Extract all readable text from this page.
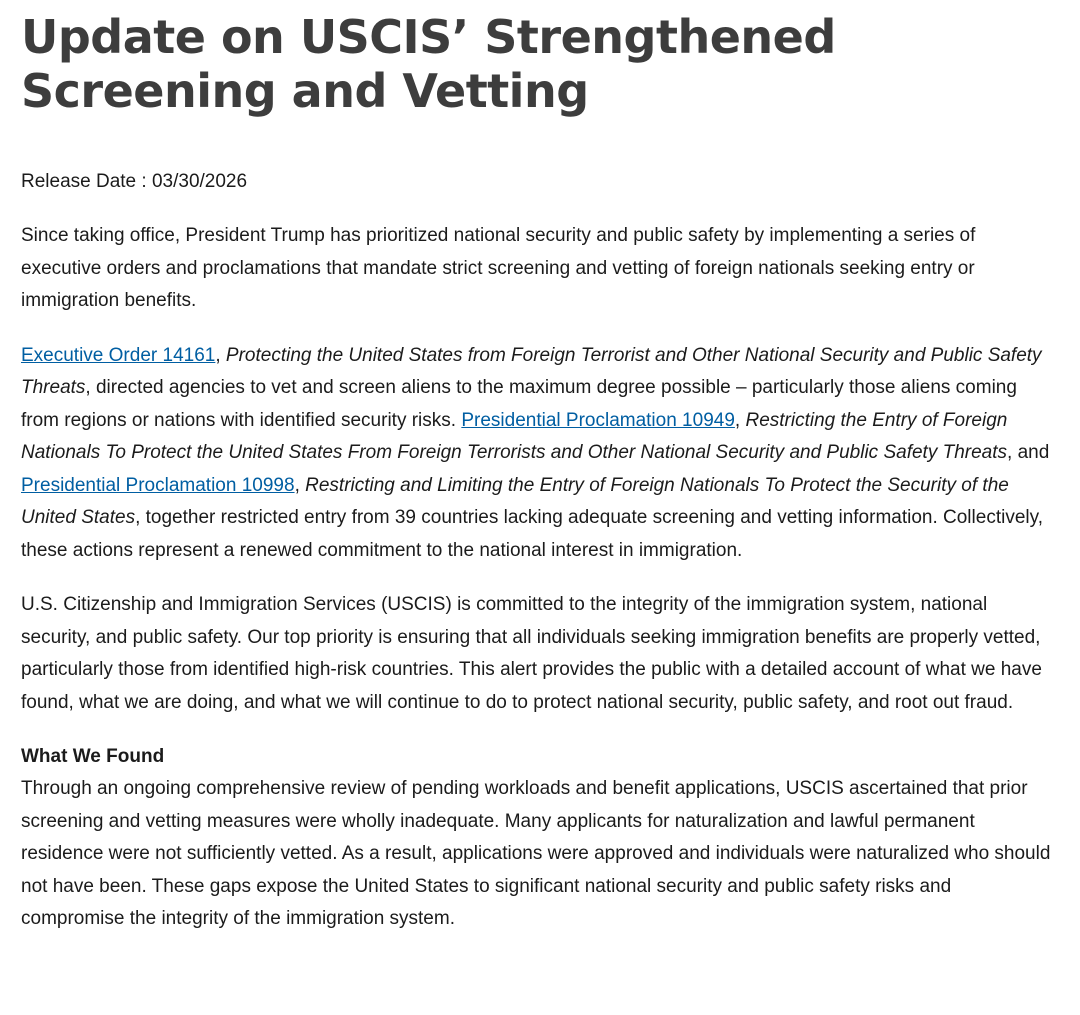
Update on USCIS’ Strengthened Screening and Vetting
Release Date : 03/30/2026

Since taking office, President Trump has prioritized national security and public safety by implementing a series of executive orders and proclamations that mandate strict screening and vetting of foreign nationals seeking entry or immigration benefits.

Executive Order 14161, Protecting the United States from Foreign Terrorist and Other National Security and Public Safety Threats, directed agencies to vet and screen aliens to the maximum degree possible – particularly those aliens coming from regions or nations with identified security risks. Presidential Proclamation 10949, Restricting the Entry of Foreign Nationals To Protect the United States From Foreign Terrorists and Other National Security and Public Safety Threats, and Presidential Proclamation 10998, Restricting and Limiting the Entry of Foreign Nationals To Protect the Security of the United States, together restricted entry from 39 countries lacking adequate screening and vetting information. Collectively, these actions represent a renewed commitment to the national interest in immigration.

U.S. Citizenship and Immigration Services (USCIS) is committed to the integrity of the immigration system, national security, and public safety. Our top priority is ensuring that all individuals seeking immigration benefits are properly vetted, particularly those from identified high-risk countries. This alert provides the public with a detailed account of what we have found, what we are doing, and what we will continue to do to protect national security, public safety, and root out fraud.

What We Found

Through an ongoing comprehensive review of pending workloads and benefit applications, USCIS ascertained that prior screening and vetting measures were wholly inadequate. Many applicants for naturalization and lawful permanent residence were not sufficiently vetted. As a result, applications were approved and individuals were naturalized who should not have been. These gaps expose the United States to significant national security and public safety risks and compromise the integrity of the immigration system.
